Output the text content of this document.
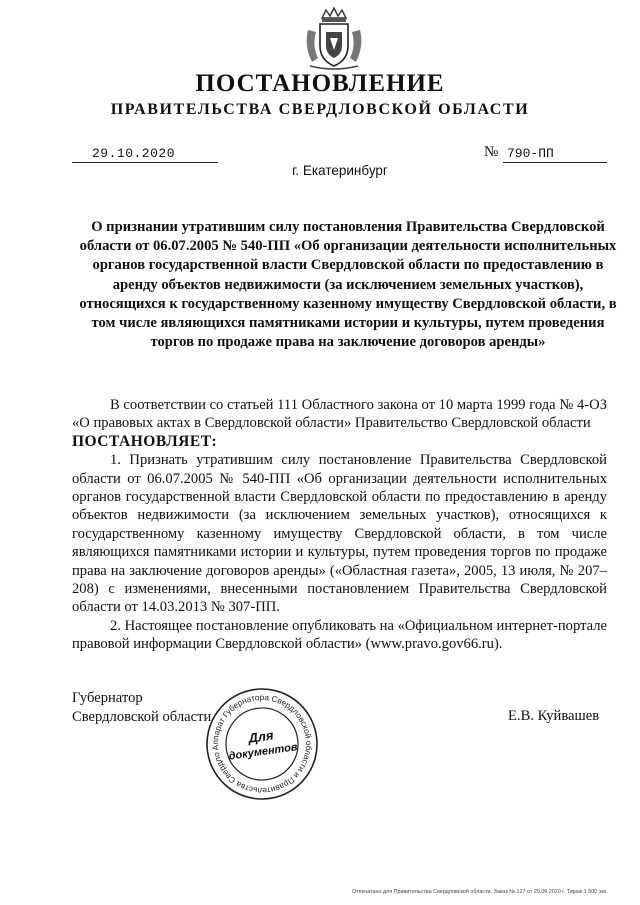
ПОСТАНОВЛЕНИЕ
ПРАВИТЕЛЬСТВА СВЕРДЛОВСКОЙ ОБЛАСТИ
29.10.2020	№ 790-ПП
г. Екатеринбург
О признании утратившим силу постановления Правительства Свердловской области от 06.07.2005 № 540-ПП «Об организации деятельности исполнительных органов государственной власти Свердловской области по предоставлению в аренду объектов недвижимости (за исключением земельных участков), относящихся к государственному казенному имуществу Свердловской области, в том числе являющихся памятниками истории и культуры, путем проведения торгов по продаже права на заключение договоров аренды»

В соответствии со статьей 111 Областного закона от 10 марта 1999 года № 4-ОЗ «О правовых актах в Свердловской области» Правительство Свердловской области

ПОСТАНОВЛЯЕТ:

1. Признать утратившим силу постановление Правительства Свердловской области от 06.07.2005 № 540-ПП «Об организации деятельности исполнительных органов государственной власти Свердловской области по предоставлению в аренду объектов недвижимости (за исключением земельных участков), относящихся к государственному казенному имуществу Свердловской области, в том числе являющихся памятниками истории и культуры, путем проведения торгов по продаже права на заключение договоров аренды» («Областная газета», 2005, 13 июля, № 207–208) с изменениями, внесенными постановлением Правительства Свердловской области от 14.03.2013 № 307-ПП.

2. Настоящее постановление опубликовать на «Официальном интернет-портале правовой информации Свердловской области» (www.pravo.gov66.ru).

Губернатор
Свердловской области	Е.В. Куйвашев
Аппарат Губернатора Свердловской области и Правительства Свердловской
Для
документов
Отпечатано для Правительства Свердловской области. Заказ № 127 от 29.09.2020 г. Тираж 1 500 экз.
